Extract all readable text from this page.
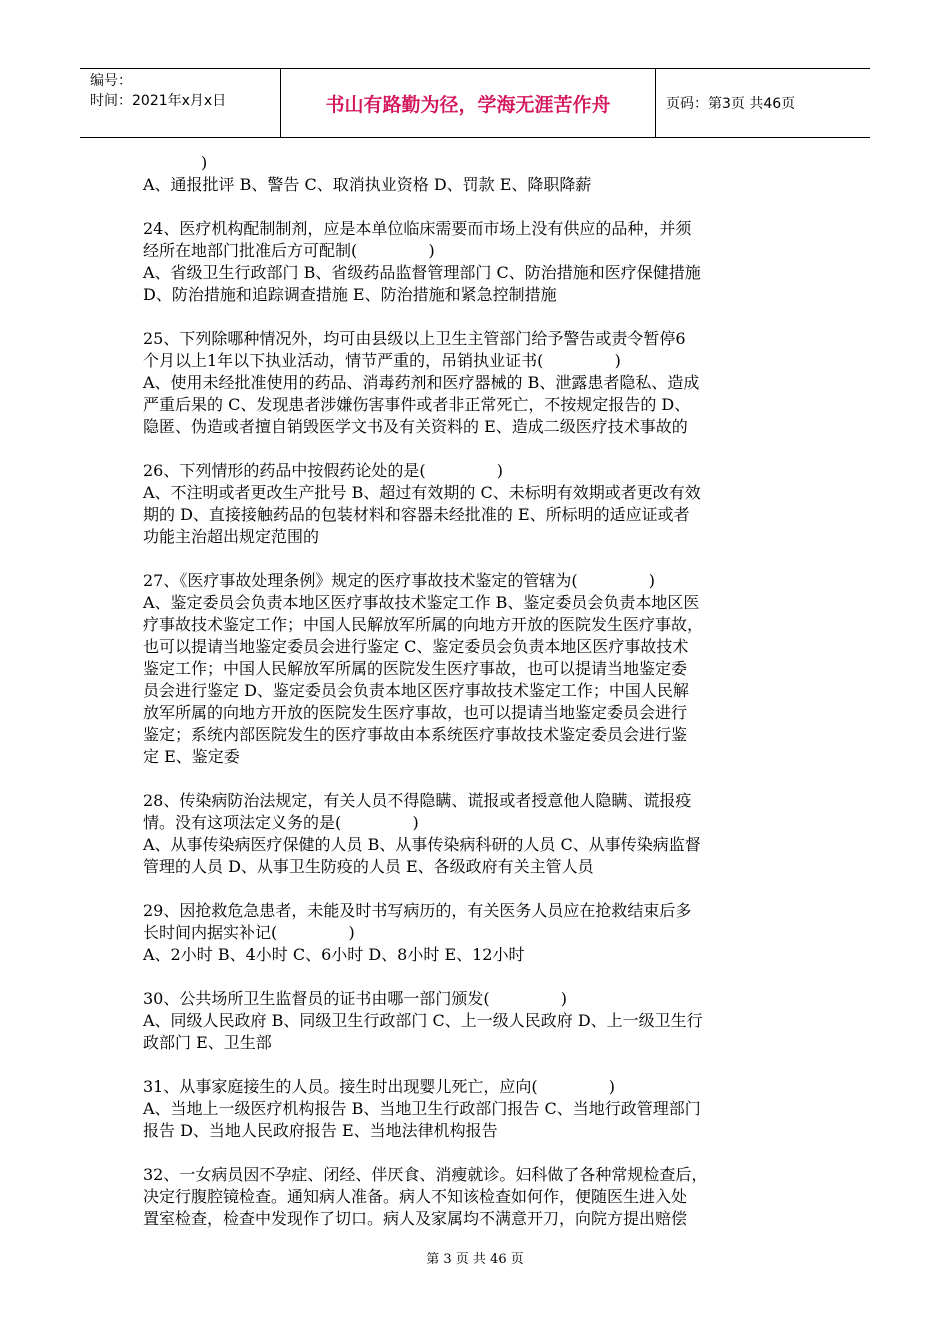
编号：
时间：2021年x月x日	书山有路勤为径，学海无涯苦作舟	页码：第3页 共46页
)
A、通报批评 B、警告 C、取消执业资格 D、罚款 E、降职降薪
24、医疗机构配制制剂，应是本单位临床需要而市场上没有供应的品种，并须
经所在地部门批准后方可配制(              )
A、省级卫生行政部门 B、省级药品监督管理部门 C、防治措施和医疗保健措施
D、防治措施和追踪调查措施 E、防治措施和紧急控制措施
25、下列除哪种情况外，均可由县级以上卫生主管部门给予警告或责令暂停6
个月以上1年以下执业活动，情节严重的，吊销执业证书(              )
A、使用未经批准使用的药品、消毒药剂和医疗器械的 B、泄露患者隐私、造成
严重后果的 C、发现患者涉嫌伤害事件或者非正常死亡，不按规定报告的 D、
隐匿、伪造或者擅自销毁医学文书及有关资料的 E、造成二级医疗技术事故的
26、下列情形的药品中按假药论处的是(              )
A、不注明或者更改生产批号 B、超过有效期的 C、未标明有效期或者更改有效
期的 D、直接接触药品的包装材料和容器未经批准的 E、所标明的适应证或者
功能主治超出规定范围的
27、《医疗事故处理条例》规定的医疗事故技术鉴定的管辖为(              )
A、鉴定委员会负责本地区医疗事故技术鉴定工作 B、鉴定委员会负责本地区医
疗事故技术鉴定工作；中国人民解放军所属的向地方开放的医院发生医疗事故，
也可以提请当地鉴定委员会进行鉴定 C、鉴定委员会负责本地区医疗事故技术
鉴定工作；中国人民解放军所属的医院发生医疗事故，也可以提请当地鉴定委
员会进行鉴定 D、鉴定委员会负责本地区医疗事故技术鉴定工作；中国人民解
放军所属的向地方开放的医院发生医疗事故，也可以提请当地鉴定委员会进行
鉴定；系统内部医院发生的医疗事故由本系统医疗事故技术鉴定委员会进行鉴
定 E、鉴定委
28、传染病防治法规定，有关人员不得隐瞒、谎报或者授意他人隐瞒、谎报疫
情。没有这项法定义务的是(              )
A、从事传染病医疗保健的人员 B、从事传染病科研的人员 C、从事传染病监督
管理的人员 D、从事卫生防疫的人员 E、各级政府有关主管人员
29、因抢救危急患者，未能及时书写病历的，有关医务人员应在抢救结束后多
长时间内据实补记(              )
A、2小时 B、4小时 C、6小时 D、8小时 E、12小时
30、公共场所卫生监督员的证书由哪一部门颁发(              )
A、同级人民政府 B、同级卫生行政部门 C、上一级人民政府 D、上一级卫生行
政部门 E、卫生部
31、从事家庭接生的人员。接生时出现婴儿死亡，应向(              )
A、当地上一级医疗机构报告 B、当地卫生行政部门报告 C、当地行政管理部门
报告 D、当地人民政府报告 E、当地法律机构报告
32、一女病员因不孕症、闭经、伴厌食、消瘦就诊。妇科做了各种常规检查后，
决定行腹腔镜检查。通知病人准备。病人不知该检查如何作，便随医生进入处
置室检查，检查中发现作了切口。病人及家属均不满意开刀，向院方提出赔偿
第 3 页 共 46 页
